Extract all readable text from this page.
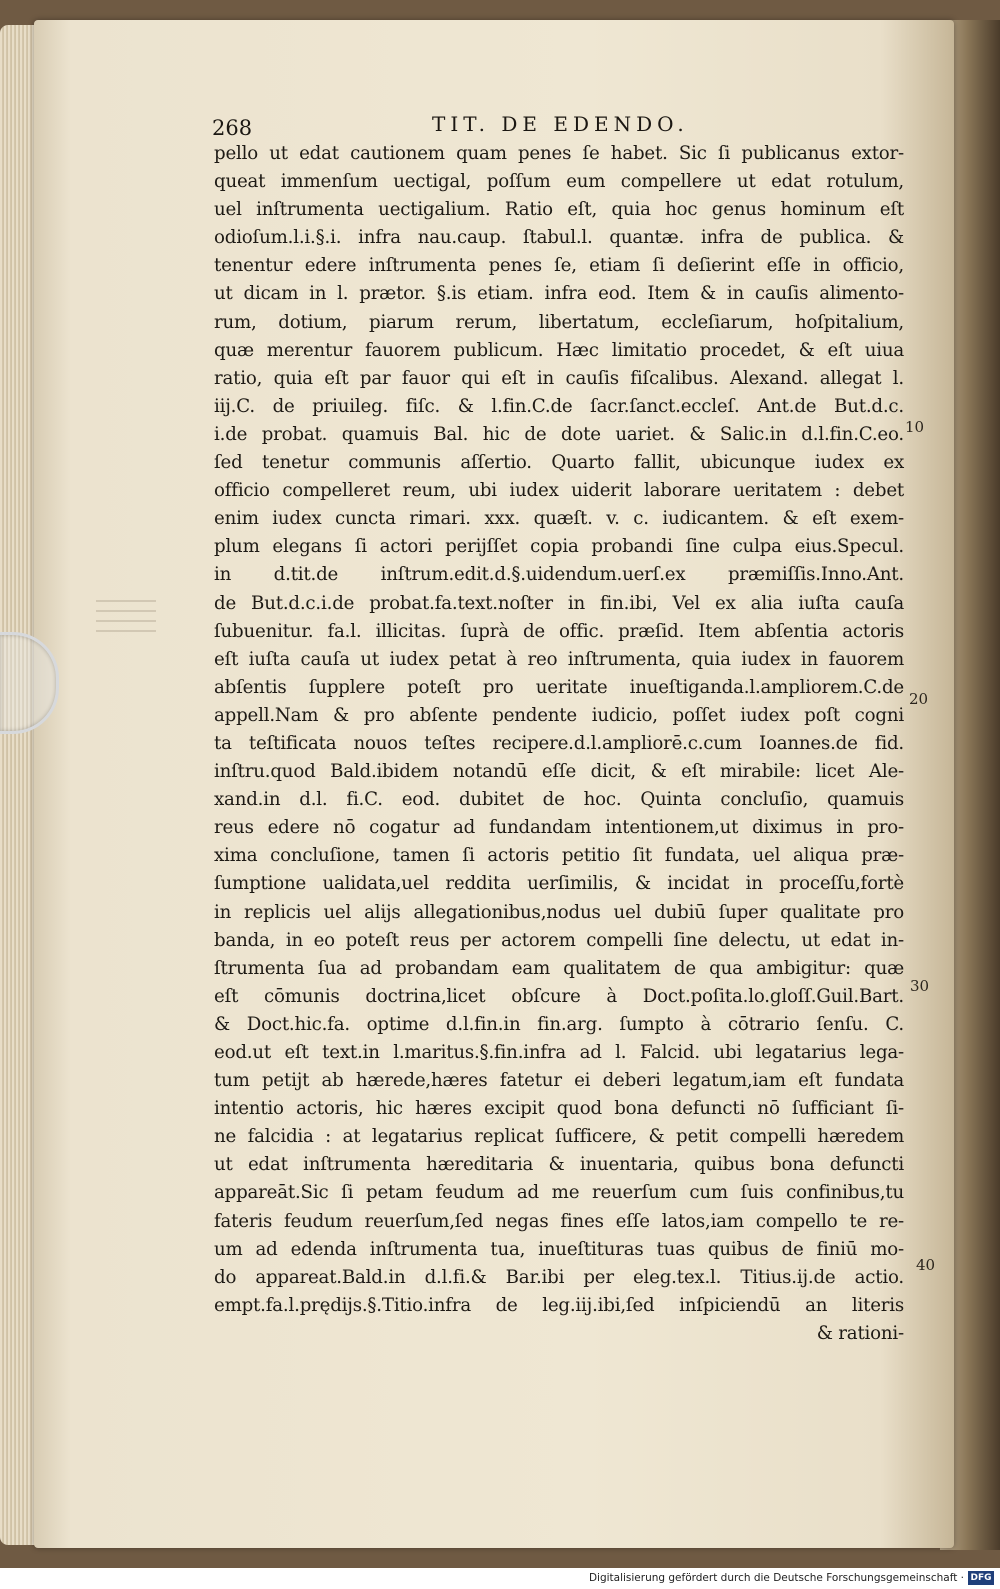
268	TIT. DE EDENDO.
pello ut edat cautionem quam penes ſe habet. Sic ſi publicanus extor-
queat immenſum uectigal, poſſum eum compellere ut edat rotulum,
uel inſtrumenta uectigalium. Ratio eſt, quia hoc genus hominum eſt
odioſum.l.i.§.i. infra nau.caup. ſtabul.l. quantæ. infra de publica. &
tenentur edere inſtrumenta penes ſe, etiam ſi deſierint eſſe in officio,
ut dicam in l. prætor. §.is etiam. infra eod. Item & in cauſis alimento-
rum, dotium, piarum rerum, libertatum, eccleſiarum, hoſpitalium,
quæ merentur fauorem publicum. Hæc limitatio procedet, & eſt uiua
ratio, quia eſt par fauor qui eſt in cauſis fiſcalibus. Alexand. allegat l.
iij.C. de priuileg. fiſc. & l.fin.C.de ſacr.ſanct.eccleſ. Ant.de But.d.c.
i.de probat. quamuis Bal. hic de dote uariet. & Salic.in d.l.fin.C.eo.
ſed tenetur communis aſſertio. Quarto fallit, ubicunque iudex ex
officio compelleret reum, ubi iudex uiderit laborare ueritatem : debet
enim iudex cuncta rimari. xxx. quæſt. v. c. iudicantem. & eſt exem-
plum elegans ſi actori perijſſet copia probandi ſine culpa eius.Specul.
in d.tit.de inſtrum.edit.d.§.uidendum.uerſ.ex præmiſſis.Inno.Ant.
de But.d.c.i.de probat.fa.text.noſter in fin.ibi, Vel ex alia iuſta cauſa
ſubuenitur. fa.l. illicitas. ſuprà de offic. præſid. Item abſentia actoris
eſt iuſta cauſa ut iudex petat à reo inſtrumenta, quia iudex in fauorem
abſentis ſupplere poteſt pro ueritate inueſtiganda.l.ampliorem.C.de
appell.Nam & pro abſente pendente iudicio, poſſet iudex poſt cogni
ta teſtificata nouos teſtes recipere.d.l.ampliorē.c.cum Ioannes.de fid.
inſtru.quod Bald.ibidem notandū eſſe dicit, & eſt mirabile: licet Ale-
xand.in d.l. fi.C. eod. dubitet de hoc. Quinta concluſio, quamuis
reus edere nō cogatur ad fundandam intentionem,ut diximus in pro-
xima concluſione, tamen ſi actoris petitio ſit fundata, uel aliqua præ-
ſumptione ualidata,uel reddita uerſimilis, & incidat in proceſſu,fortè
in replicis uel alijs allegationibus,nodus uel dubiū ſuper qualitate pro
banda, in eo poteſt reus per actorem compelli ſine delectu, ut edat in-
ſtrumenta ſua ad probandam eam qualitatem de qua ambigitur: quæ
eſt cōmunis doctrina,licet obſcure à Doct.poſita.lo.gloſſ.Guil.Bart.
& Doct.hic.fa. optime d.l.fin.in fin.arg. ſumpto à cōtrario ſenſu. C.
eod.ut eſt text.in l.maritus.§.fin.infra ad l. Falcid. ubi legatarius lega-
tum petijt ab hærede,hæres fatetur ei deberi legatum,iam eſt fundata
intentio actoris, hic hæres excipit quod bona defuncti nō ſufficiant ſi-
ne falcidia : at legatarius replicat ſufficere, & petit compelli hæredem
ut edat inſtrumenta hæreditaria & inuentaria, quibus bona defuncti
appareāt.Sic ſi petam feudum ad me reuerſum cum ſuis confinibus,tu
fateris feudum reuerſum,ſed negas fines eſſe latos,iam compello te re-
um ad edenda inſtrumenta tua, inueſtituras tuas quibus de finiū mo-
do appareat.Bald.in d.l.fi.& Bar.ibi per eleg.tex.l. Titius.ij.de actio.
empt.fa.l.prędijs.§.Titio.infra de leg.iij.ibi,ſed inſpiciendū an literis
& rationi-
10
20
30
40
Digitalisierung gefördert durch die Deutsche Forschungsgemeinschaft · DFG
